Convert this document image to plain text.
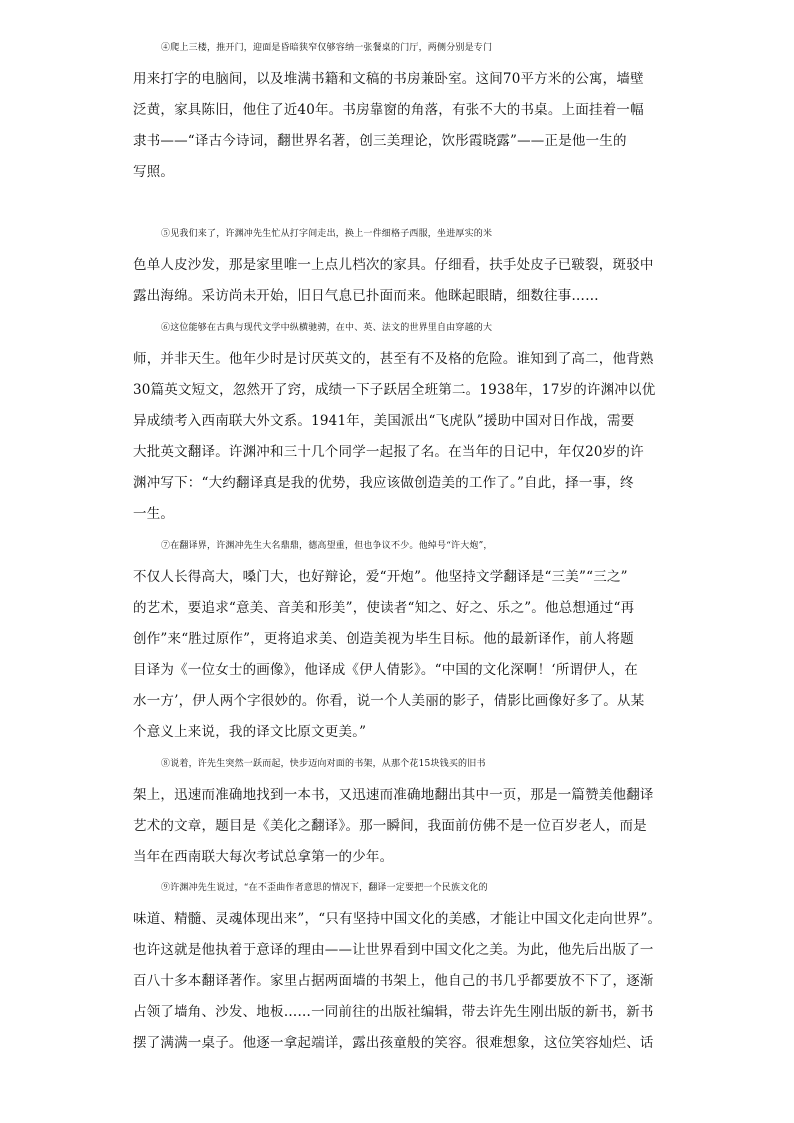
④爬上三楼，推开门，迎面是昏暗狭窄仅够容纳一张餐桌的门厅，两侧分别是专门
用来打字的电脑间，以及堆满书籍和文稿的书房兼卧室。这间70平方米的公寓，墙壁
泛黄，家具陈旧，他住了近40年。书房靠窗的角落，有张不大的书桌。上面挂着一幅
隶书——“译古今诗词，翻世界名著，创三美理论，饮彤霞晓露”——正是他一生的
写照。
⑤见我们来了，许渊冲先生忙从打字间走出，换上一件细格子西服，坐进厚实的米
色单人皮沙发，那是家里唯一上点儿档次的家具。仔细看，扶手处皮子已皲裂，斑驳中
露出海绵。采访尚未开始，旧日气息已扑面而来。他眯起眼睛，细数往事……
⑥这位能够在古典与现代文学中纵横驰骋，在中、英、法文的世界里自由穿越的大
师，并非天生。他年少时是讨厌英文的，甚至有不及格的危险。谁知到了高二，他背熟
30篇英文短文，忽然开了窍，成绩一下子跃居全班第二。1938年，17岁的许渊冲以优
异成绩考入西南联大外文系。1941年，美国派出“飞虎队”援助中国对日作战，需要
大批英文翻译。许渊冲和三十几个同学一起报了名。在当年的日记中，年仅20岁的许
渊冲写下：“大约翻译真是我的优势，我应该做创造美的工作了。”自此，择一事，终
一生。
⑦在翻译界，许渊冲先生大名鼎鼎，德高望重，但也争议不少。他绰号“许大炮”，
不仅人长得高大，嗓门大，也好辩论，爱“开炮”。他坚持文学翻译是“三美”“三之”
的艺术，要追求“意美、音美和形美”，使读者“知之、好之、乐之”。他总想通过“再
创作”来“胜过原作”，更将追求美、创造美视为毕生目标。他的最新译作，前人将题
目译为《一位女士的画像》，他译成《伊人倩影》。“中国的文化深啊！‘所谓伊人，在
水一方’，伊人两个字很妙的。你看，说一个人美丽的影子，倩影比画像好多了。从某
个意义上来说，我的译文比原文更美。”
⑧说着，许先生突然一跃而起，快步迈向对面的书架，从那个花15块钱买的旧书
架上，迅速而准确地找到一本书，又迅速而准确地翻出其中一页，那是一篇赞美他翻译
艺术的文章，题目是《美化之翻译》。那一瞬间，我面前仿佛不是一位百岁老人，而是
当年在西南联大每次考试总拿第一的少年。
⑨许渊冲先生说过，“在不歪曲作者意思的情况下，翻译一定要把一个民族文化的
味道、精髓、灵魂体现出来”，“只有坚持中国文化的美感，才能让中国文化走向世界”。
也许这就是他执着于意译的理由——让世界看到中国文化之美。为此，他先后出版了一
百八十多本翻译著作。家里占据两面墙的书架上，他自己的书几乎都要放不下了，逐渐
占领了墙角、沙发、地板……一同前往的出版社编辑，带去许先生刚出版的新书，新书
摆了满满一桌子。他逐一拿起端详，露出孩童般的笑容。很难想象，这位笑容灿烂、话
